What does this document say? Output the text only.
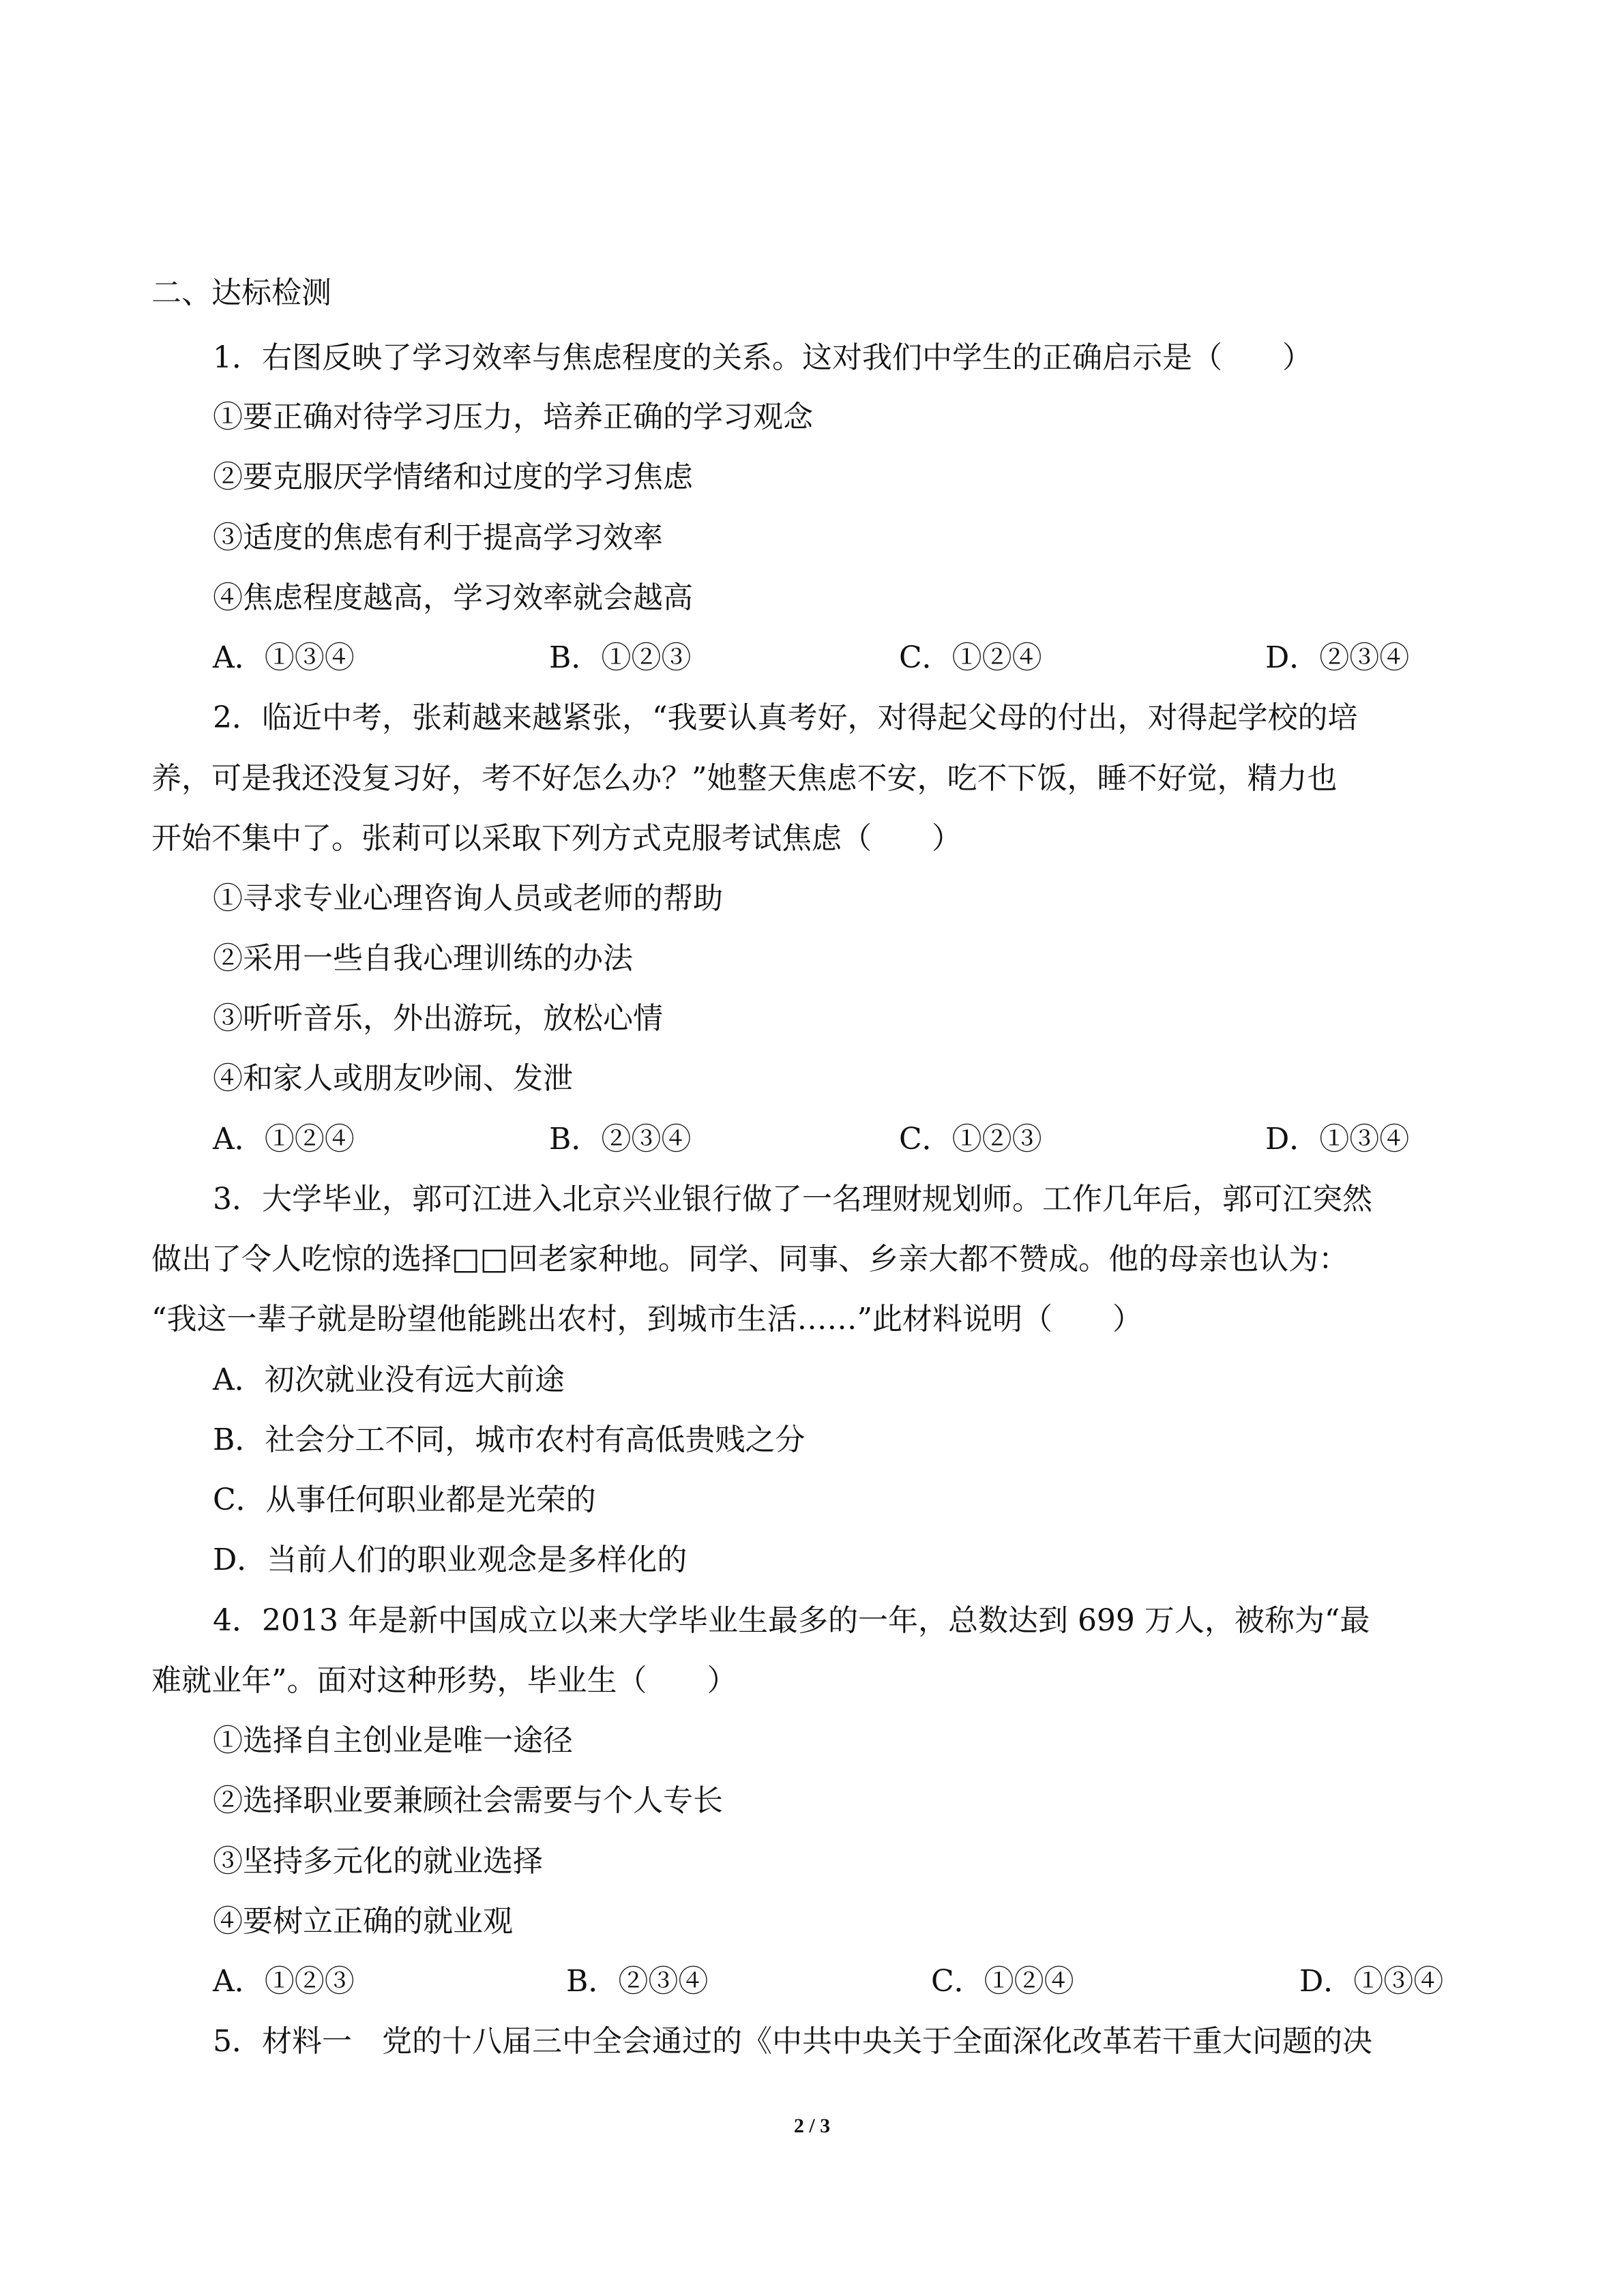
二、达标检测
1．右图反映了学习效率与焦虑程度的关系。这对我们中学生的正确启示是（　　）
①要正确对待学习压力，培养正确的学习观念
②要克服厌学情绪和过度的学习焦虑
③适度的焦虑有利于提高学习效率
④焦虑程度越高，学习效率就会越高
A．①③④	B．①②③	C．①②④	D．②③④
2．临近中考，张莉越来越紧张，“我要认真考好，对得起父母的付出，对得起学校的培
养，可是我还没复习好，考不好怎么办？”她整天焦虑不安，吃不下饭，睡不好觉，精力也
开始不集中了。张莉可以采取下列方式克服考试焦虑（　　）
①寻求专业心理咨询人员或老师的帮助
②采用一些自我心理训练的办法
③听听音乐，外出游玩，放松心情
④和家人或朋友吵闹、发泄
A．①②④	B．②③④	C．①②③	D．①③④
3．大学毕业，郭可江进入北京兴业银行做了一名理财规划师。工作几年后，郭可江突然
做出了令人吃惊的选择□□回老家种地。同学、同事、乡亲大都不赞成。他的母亲也认为：
“我这一辈子就是盼望他能跳出农村，到城市生活……”此材料说明（　　）
A．初次就业没有远大前途
B．社会分工不同，城市农村有高低贵贱之分
C．从事任何职业都是光荣的
D．当前人们的职业观念是多样化的
4．2013 年是新中国成立以来大学毕业生最多的一年，总数达到 699 万人，被称为“最
难就业年”。面对这种形势，毕业生（　　）
①选择自主创业是唯一途径
②选择职业要兼顾社会需要与个人专长
③坚持多元化的就业选择
④要树立正确的就业观
A．①②③	B．②③④	C．①②④	D．①③④
5．材料一　党的十八届三中全会通过的《中共中央关于全面深化改革若干重大问题的决
2 / 3
